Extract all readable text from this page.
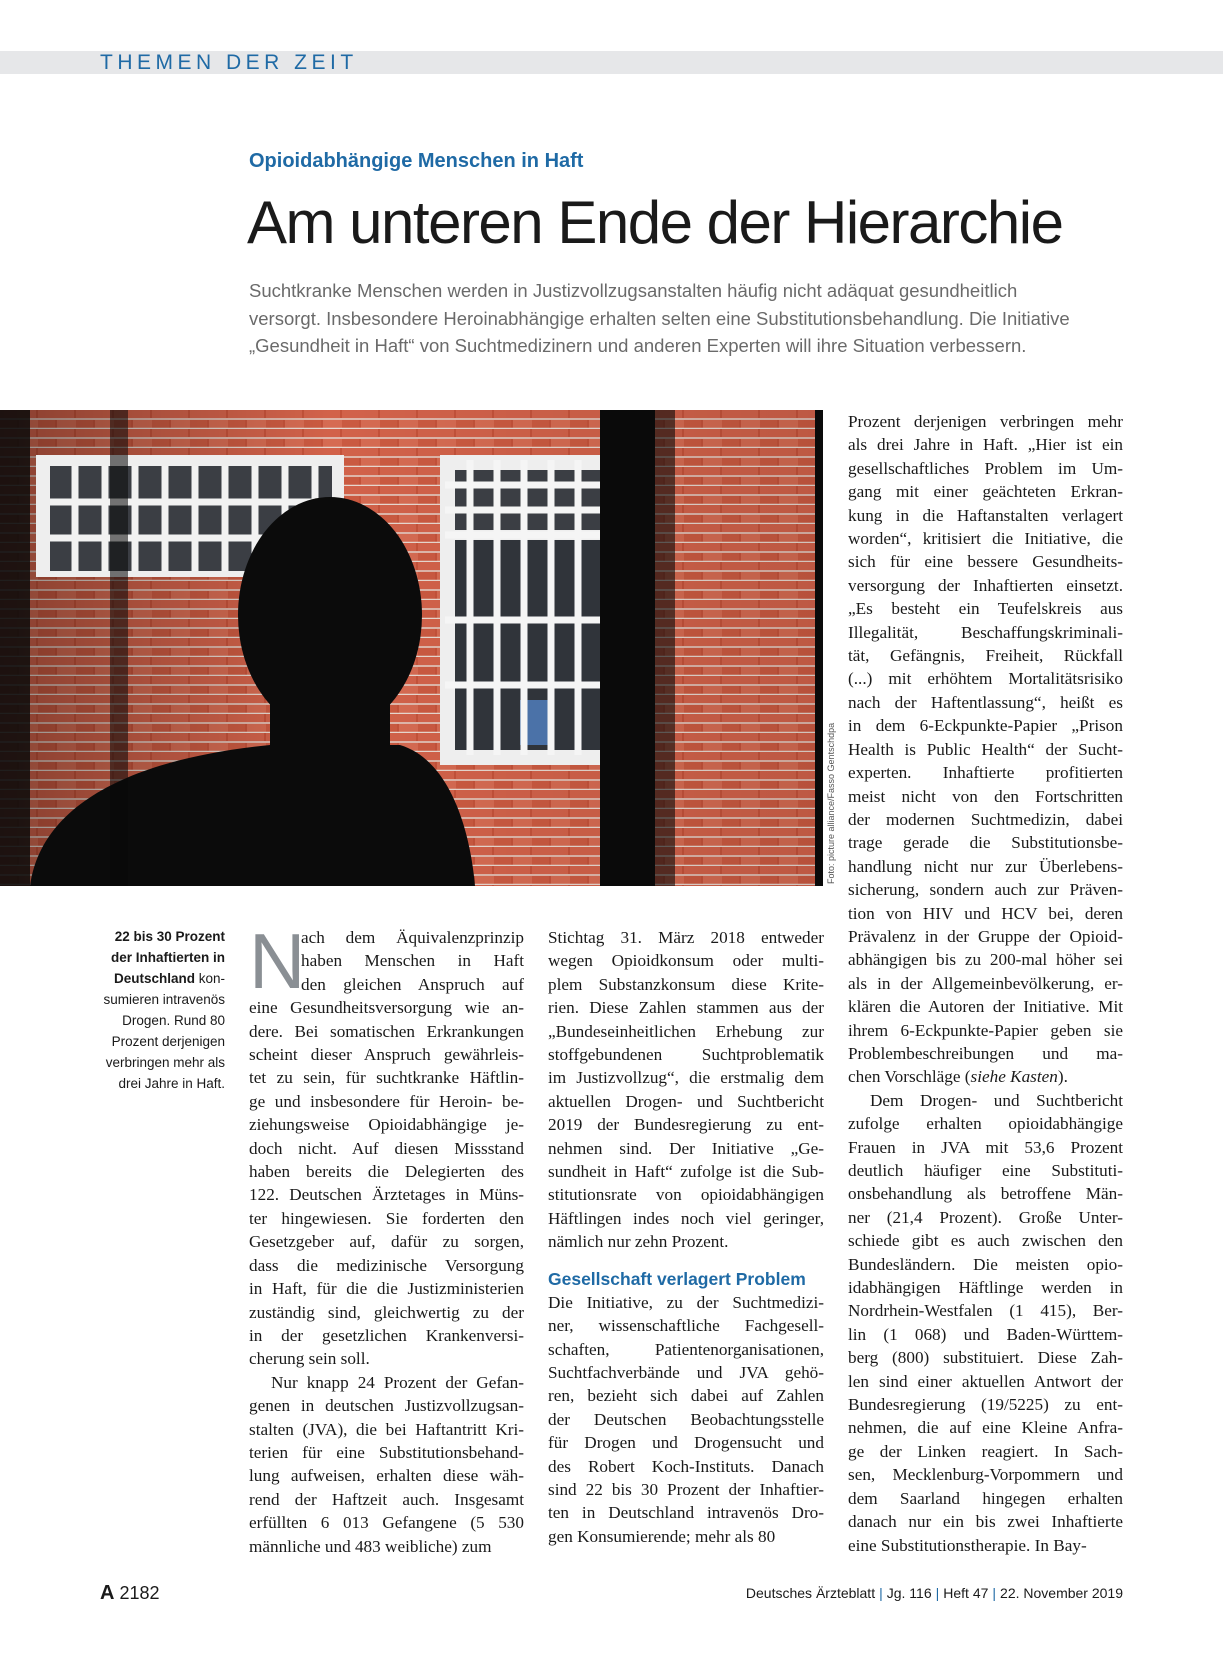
THEMEN DER ZEIT
Opioidabhängige Menschen in Haft
Am unteren Ende der Hierarchie

Suchtkranke Menschen werden in Justizvollzugsanstalten häufig nicht adäquat gesundheitlich
versorgt. Insbesondere Heroinabhängige erhalten selten eine Substitutionsbehandlung. Die Initiative
„Gesundheit in Haft“ von Suchtmedizinern und anderen Experten will ihre Situation verbessern.

Foto: picture alliance/Fasso Gentschdpa
22 bis 30 Prozent
der Inhaftierten in
Deutschland kon-
sumieren intravenös
Drogen. Rund 80
Prozent derjenigen
verbringen mehr als
drei Jahre in Haft.
N
ach dem Äquivalenzprinzip
haben Menschen in Haft
den gleichen Anspruch auf
eine Gesundheitsversorgung wie an-
dere. Bei somatischen Erkrankungen
scheint dieser Anspruch gewährleis-
tet zu sein, für suchtkranke Häftlin-
ge und insbesondere für Heroin- be-
ziehungsweise Opioidabhängige je-
doch nicht. Auf diesen Missstand
haben bereits die Delegierten des
122. Deutschen Ärztetages in Müns-
ter hingewiesen. Sie forderten den
Gesetzgeber auf, dafür zu sorgen,
dass die medizinische Versorgung
in Haft, für die die Justizministerien
zuständig sind, gleichwertig zu der
in der gesetzlichen Krankenversi-
cherung sein soll.
Nur knapp 24 Prozent der Gefan-
genen in deutschen Justizvollzugsan-
stalten (JVA), die bei Haftantritt Kri-
terien für eine Substitutionsbehand-
lung aufweisen, erhalten diese wäh-
rend der Haftzeit auch. Insgesamt
erfüllten 6 013 Gefangene (5 530
männliche und 483 weibliche) zum
Stichtag 31. März 2018 entweder
wegen Opioidkonsum oder multi-
plem Substanzkonsum diese Krite-
rien. Diese Zahlen stammen aus der
„Bundeseinheitlichen Erhebung zur
stoffgebundenen Suchtproblematik
im Justizvollzug“, die erstmalig dem
aktuellen Drogen- und Suchtbericht
2019 der Bundesregierung zu ent-
nehmen sind. Der Initiative „Ge-
sundheit in Haft“ zufolge ist die Sub-
stitutionsrate von opioidabhängigen
Häftlingen indes noch viel geringer,
nämlich nur zehn Prozent.
Gesellschaft verlagert Problem
Die Initiative, zu der Suchtmedizi-
ner, wissenschaftliche Fachgesell-
schaften, Patientenorganisationen,
Suchtfachverbände und JVA gehö-
ren, bezieht sich dabei auf Zahlen
der Deutschen Beobachtungsstelle
für Drogen und Drogensucht und
des Robert Koch-Instituts. Danach
sind 22 bis 30 Prozent der Inhaftier-
ten in Deutschland intravenös Dro-
gen Konsumierende; mehr als 80
Prozent derjenigen verbringen mehr
als drei Jahre in Haft. „Hier ist ein
gesellschaftliches Problem im Um-
gang mit einer geächteten Erkran-
kung in die Haftanstalten verlagert
worden“, kritisiert die Initiative, die
sich für eine bessere Gesundheits-
versorgung der Inhaftierten einsetzt.
„Es besteht ein Teufelskreis aus
Illegalität, Beschaffungskriminali-
tät, Gefängnis, Freiheit, Rückfall
(...) mit erhöhtem Mortalitätsrisiko
nach der Haftentlassung“, heißt es
in dem 6-Eckpunkte-Papier „Prison
Health is Public Health“ der Sucht-
experten. Inhaftierte profitierten
meist nicht von den Fortschritten
der modernen Suchtmedizin, dabei
trage gerade die Substitutionsbe-
handlung nicht nur zur Überlebens-
sicherung, sondern auch zur Präven-
tion von HIV und HCV bei, deren
Prävalenz in der Gruppe der Opioid-
abhängigen bis zu 200-mal höher sei
als in der Allgemeinbevölkerung, er-
klären die Autoren der Initiative. Mit
ihrem 6-Eckpunkte-Papier geben sie
Problembeschreibungen und ma-
chen Vorschläge (siehe Kasten).
Dem Drogen- und Suchtbericht
zufolge erhalten opioidabhängige
Frauen in JVA mit 53,6 Prozent
deutlich häufiger eine Substituti-
onsbehandlung als betroffene Män-
ner (21,4 Prozent). Große Unter-
schiede gibt es auch zwischen den
Bundesländern. Die meisten opio-
idabhängigen Häftlinge werden in
Nordrhein-Westfalen (1 415), Ber-
lin (1 068) und Baden-Württem-
berg (800) substituiert. Diese Zah-
len sind einer aktuellen Antwort der
Bundesregierung (19/5225) zu ent-
nehmen, die auf eine Kleine Anfra-
ge der Linken reagiert. In Sach-
sen, Mecklenburg-Vorpommern und
dem Saarland hingegen erhalten
danach nur ein bis zwei Inhaftierte
eine Substitutionstherapie. In Bay-
A 2182	Deutsches Ärzteblatt | Jg. 116 | Heft 47 | 22. November 2019
